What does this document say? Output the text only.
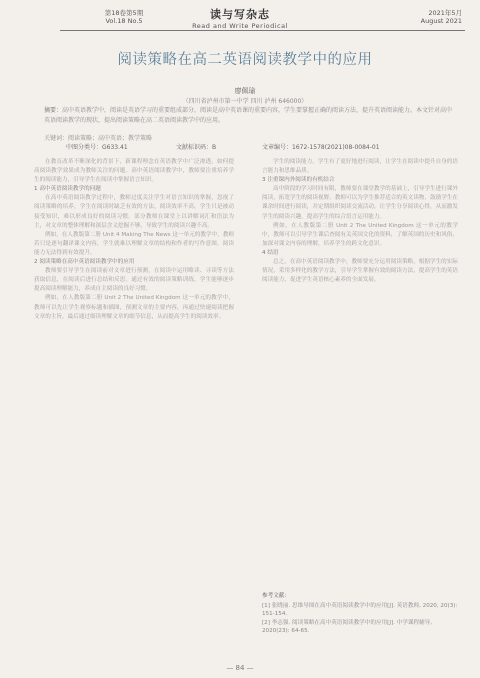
第18卷第5期
Vol.18 No.5	读与写杂志
Read and Write Periodical
2021年5月
August 2021
阅读策略在高二英语阅读教学中的应用
廖佩瑜
（四川省泸州市第一中学 四川 泸州 646000）
摘要：高中英语教学中，阅读是英语学习的重要组成部分，阅读是高中英语课的重要内容，学生要掌握正确的阅读方法，提升英语阅读能力。本文针对高中英语阅读教学的现状，提出阅读策略在高二英语阅读教学中的应用。
关键词：阅读策略；高中英语；教学策略
中图分类号：G633.41	文献标识码：B	文章编号：1672-1578(2021)08-0084-01

在教育改革不断深化的背景下，新课程理念在英语教学中广泛渗透，如何提高阅读教学效果成为教师关注的问题。高中英语阅读教学中，教师要注重培养学生的阅读能力，引导学生在阅读中掌握语言知识。

1 高中英语阅读教学的问题

在高中英语阅读教学过程中，教师过度关注学生对语言知识的掌握，忽视了阅读策略的培养，学生在阅读时缺乏有效的方法，阅读效率不高，学生只是被动接受知识，难以形成良好的阅读习惯。部分教师在课堂上以讲解词汇和语法为主，对文章的整体理解和深层含义挖掘不够，导致学生的阅读兴趣不高。

例如，在人教版第二册 Unit 4 Making The News 这一单元的教学中，教师若只是逐句翻译课文内容，学生就难以理解文章的结构和作者的写作意图，阅读能力无法得到有效提升。

2 阅读策略在高中英语阅读教学中的应用

教师要引导学生在阅读前对文章进行预测，在阅读中运用略读、寻读等方法获取信息，在阅读后进行总结和反思。通过有效的阅读策略训练，学生能够逐步提高阅读理解能力，养成自主阅读的良好习惯。

例如，在人教版第二册 Unit 2 The United Kingdom 这一单元的教学中，教师可以先让学生观察标题和插图，预测文章的主要内容，再通过快速阅读把握文章的主旨，最后通过细读理解文章的细节信息，从而提高学生的阅读效率。

学生的阅读能力，学生有了更好地进行阅读，让学生在阅读中提升自身的语言能力和思维品质。

3 注重课内外阅读的有机结合

高中阶段的学习时间有限，教师要在课堂教学的基础上，引导学生进行课外阅读，拓宽学生的阅读视野。教师可以为学生推荐适合的英文读物，鼓励学生在课余时间进行阅读，并定期组织阅读交流活动，让学生分享阅读心得，从而激发学生的阅读兴趣，提高学生的综合语言运用能力。

例如，在人教版第二册 Unit 2 The United Kingdom 这一单元的教学中，教师可以引导学生课后查阅有关英国文化的资料，了解英国的历史和风俗，加深对课文内容的理解，培养学生的跨文化意识。

4 结语

总之，在高中英语阅读教学中，教师要充分运用阅读策略，根据学生的实际情况，采用多样化的教学方法，引导学生掌握有效的阅读方法，提高学生的英语阅读能力，促进学生英语核心素养的全面发展。

参考文献：
[1] 张晓丽. 思维导图在高中英语阅读教学中的应用[J]. 英语教师, 2020, 20(3): 151-154.
[2] 李志强. 阅读策略在高中英语阅读教学中的应用[J]. 中学课程辅导, 2020(23): 64-65.
— 84 —
